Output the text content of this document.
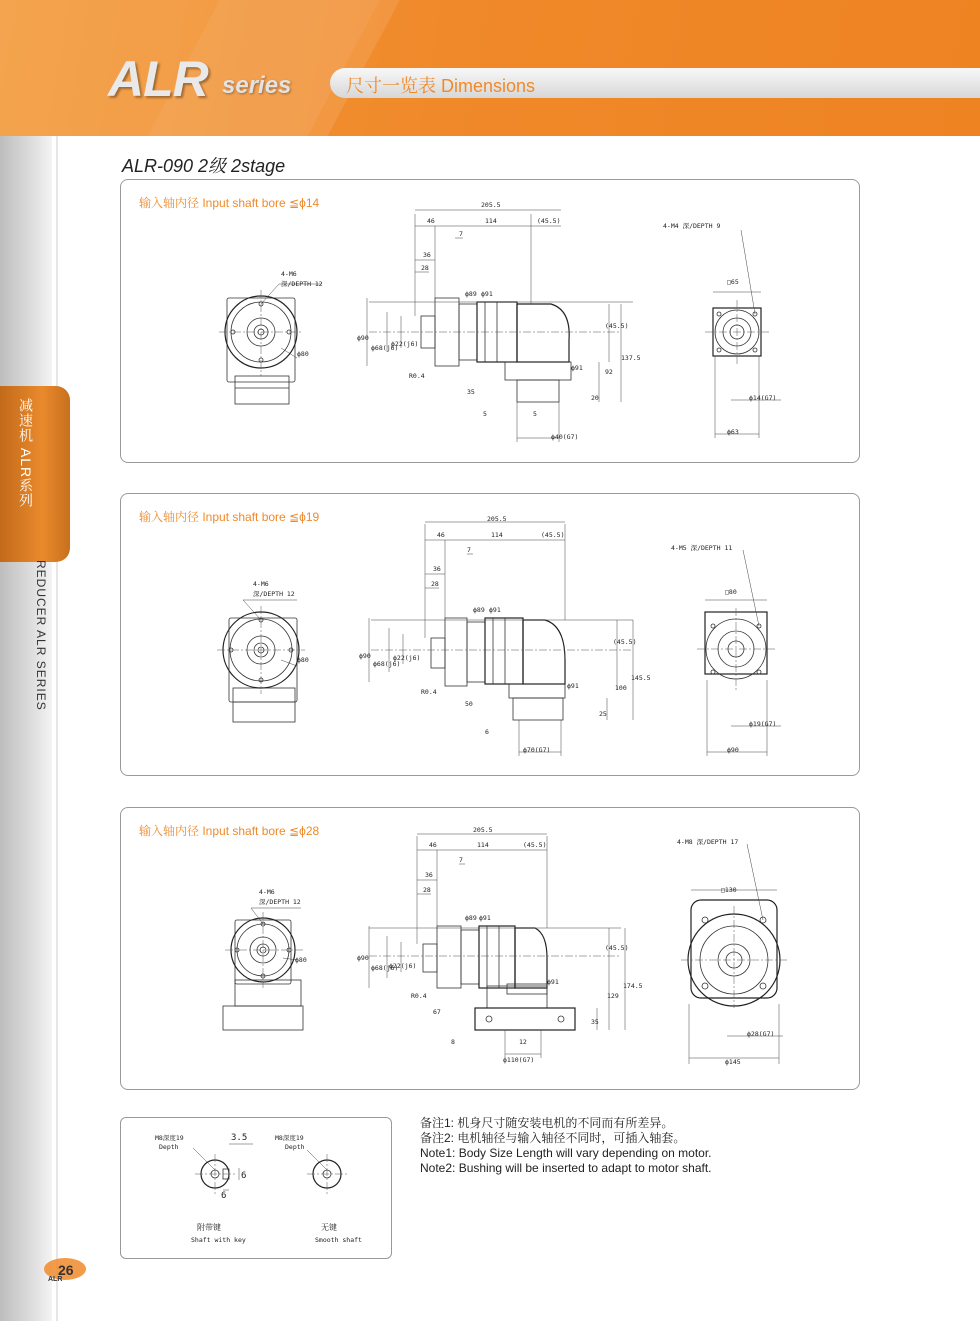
ALR series	尺寸一览表 Dimensions
减速机 ALR系列
REDUCER ALR SERIES
ALR-090 2级 2stage
输入轴内径 Input shaft bore ≦ϕ14
4-M6
深/DEPTH 12
ϕ80
205.5
46	114	(45.5)
7
36
28
ϕ89 ϕ91
ϕ90
ϕ68(j6)
ϕ22(j6)
R0.4
ϕ91
35
5	5
(45.5)
92
137.5
20
ϕ40(G7)
4-M4 深/DEPTH 9
□65
ϕ14(G7)
ϕ63
输入轴内径 Input shaft bore ≦ϕ19
4-M6
深/DEPTH 12
ϕ80
205.5
46	114	(45.5)
7
36
28
ϕ89 ϕ91
ϕ90
ϕ68(j6)
ϕ22(j6)
R0.4
ϕ91
50
6
(45.5)
100
145.5
25
ϕ70(G7)
4-M5 深/DEPTH 11
□80
ϕ19(G7)
ϕ90
输入轴内径 Input shaft bore ≦ϕ28
4-M6
深/DEPTH 12
ϕ80
205.5
46	114	(45.5)
7
36
28
ϕ89 ϕ91
ϕ90
ϕ68(j6)
ϕ22(j6)
R0.4
ϕ91
67
8	12
(45.5)
129
174.5
35
ϕ110(G7)
4-M8 深/DEPTH 17
□130
ϕ28(G7)
ϕ145
M8深度19
Depth
3.5
6
6
附带键
Shaft with key
M8深度19
Depth
无键
Smooth shaft
备注1: 机身尺寸随安装电机的不同而有所差异。
备注2: 电机轴径与输入轴径不同时，可插入轴套。
Note1: Body Size Length will vary depending on motor.
Note2: Bushing will be inserted to adapt to motor shaft.
26
ALR
